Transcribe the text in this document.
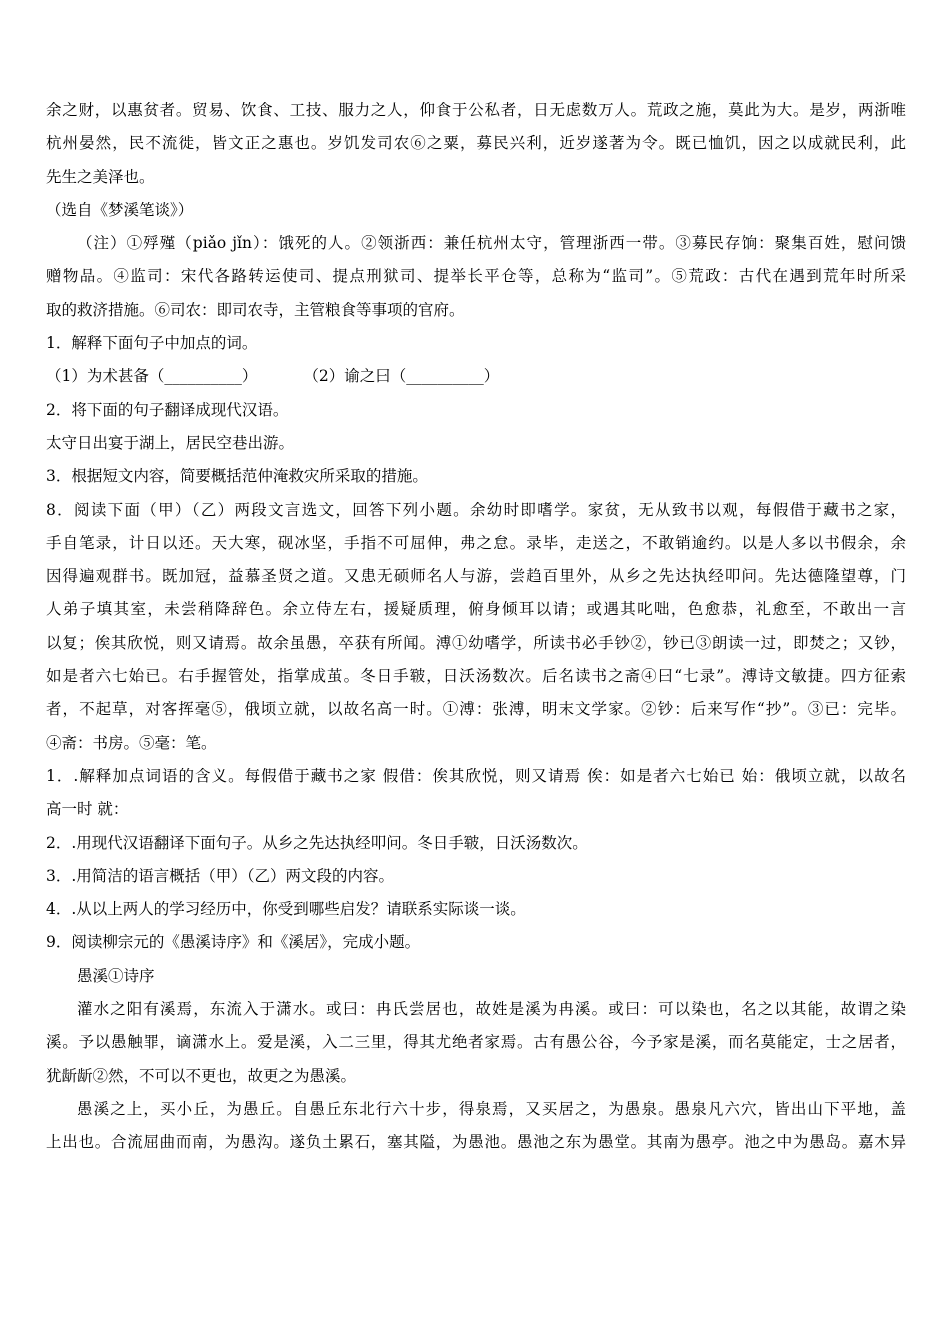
余之财，以惠贫者。贸易、饮食、工技、服力之人，仰食于公私者，日无虑数万人。荒政之施，莫此为大。是岁，两浙唯
杭州晏然，民不流徙，皆文正之惠也。岁饥发司农⑥之粟，募民兴利，近岁遂著为令。既已恤饥，因之以成就民利，此
先生之美泽也。
（选自《梦溪笔谈》）
（注）①殍殣（piǎo jǐn）：饿死的人。②领浙西：兼任杭州太守，管理浙西一带。③募民存饷：聚集百姓，慰问馈
赠物品。④监司：宋代各路转运使司、提点刑狱司、提举长平仓等，总称为“监司”。⑤荒政：古代在遇到荒年时所采
取的救济措施。⑥司农：即司农寺，主管粮食等事项的官府。
1．解释下面句子中加点的词。
（1）为术甚备（__________）	（2）谕之曰（__________）
2．将下面的句子翻译成现代汉语。
太守日出宴于湖上，居民空巷出游。
3．根据短文内容，简要概括范仲淹救灾所采取的措施。
8．阅读下面（甲）（乙）两段文言选文，回答下列小题。余幼时即嗜学。家贫，无从致书以观，每假借于藏书之家，
手自笔录，计日以还。天大寒，砚冰坚，手指不可屈伸，弗之怠。录毕，走送之，不敢销逾约。以是人多以书假余，余
因得遍观群书。既加冠，益慕圣贤之道。又患无硕师名人与游，尝趋百里外，从乡之先达执经叩问。先达德隆望尊，门
人弟子填其室，未尝稍降辞色。余立侍左右，援疑质理，俯身倾耳以请；或遇其叱咄，色愈恭，礼愈至，不敢出一言
以复；俟其欣悦，则又请焉。故余虽愚，卒获有所闻。溥①幼嗜学，所读书必手钞②，钞已③朗读一过，即焚之；又钞，
如是者六七始已。右手握管处，指掌成茧。冬日手皲，日沃汤数次。后名读书之斋④曰“七录”。溥诗文敏捷。四方征索
者，不起草，对客挥毫⑤，俄顷立就，以故名高一时。①溥：张溥，明末文学家。②钞：后来写作“抄”。③已：完毕。
④斋：书房。⑤毫：笔。
1．.解释加点词语的含义。每假借于藏书之家 假借：俟其欣悦，则又请焉 俟：如是者六七始已 始：俄顷立就，以故名
高一时 就：
2．.用现代汉语翻译下面句子。从乡之先达执经叩问。冬日手皲，日沃汤数次。
3．.用简洁的语言概括（甲）（乙）两文段的内容。
4．.从以上两人的学习经历中，你受到哪些启发？请联系实际谈一谈。
9．阅读柳宗元的《愚溪诗序》和《溪居》，完成小题。
愚溪①诗序
灌水之阳有溪焉，东流入于潇水。或曰：冉氏尝居也，故姓是溪为冉溪。或曰：可以染也，名之以其能，故谓之染
溪。予以愚触罪，谪潇水上。爱是溪，入二三里，得其尤绝者家焉。古有愚公谷，今予家是溪，而名莫能定，士之居者，
犹龂龂②然，不可以不更也，故更之为愚溪。
愚溪之上，买小丘，为愚丘。自愚丘东北行六十步，得泉焉，又买居之，为愚泉。愚泉凡六穴，皆出山下平地，盖
上出也。合流屈曲而南，为愚沟。遂负土累石，塞其隘，为愚池。愚池之东为愚堂。其南为愚亭。池之中为愚岛。嘉木异
